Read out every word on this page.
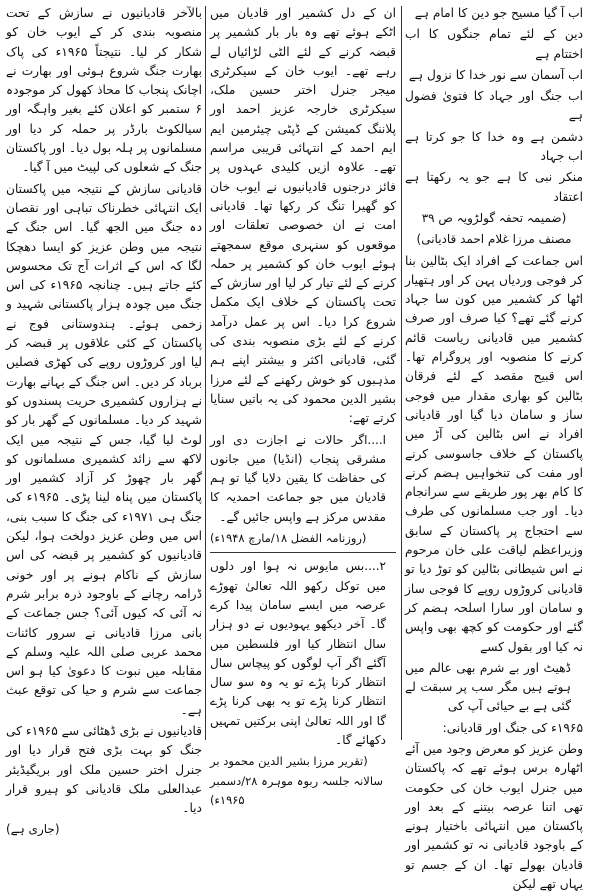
اب آ گیا مسیح جو دین کا امام ہے

دین کے لئے تمام جنگوں کا اب اختتام ہے

اب آسمان سے نور خدا کا نزول ہے

اب جنگ اور جہاد کا فتویٰ فضول ہے

دشمن ہے وہ خدا کا جو کرتا ہے اب جہاد

منکر نبی کا ہے جو یہ رکھتا ہے اعتقاد

(ضمیمہ تحفہ گولڑویہ ص ۳۹

مصنف مرزا غلام احمد قادیانی)

اس جماعت کے افراد ایک بٹالین بنا کر فوجی وردیاں پہن کر اور ہتھیار اٹھا کر کشمیر میں کون سا جہاد کرنے گئے تھے؟ کیا صرف اور صرف کشمیر میں قادیانی ریاست قائم کرنے کا منصوبہ اور پروگرام تھا۔ اس قبیح مقصد کے لئے فرقان بٹالین کو بھاری مقدار میں فوجی ساز و سامان دیا گیا اور قادیانی افراد نے اس بٹالین کی آڑ میں پاکستان کے خلاف جاسوسی کرنے اور مفت کی تنخواہیں ہضم کرنے کا کام بھر پور طریقے سے سرانجام دیا۔ اور جب مسلمانوں کی طرف سے احتجاج پر پاکستان کے سابق وزیراعظم لیاقت علی خان مرحوم نے اس شیطانی بٹالین کو توڑ دیا تو قادیانی کروڑوں روپے کا فوجی ساز و سامان اور سارا اسلحہ ہضم کر گئے اور حکومت کو کچھ بھی واپس نہ کیا اور بقول کسے

ڈھیٹ اور بے شرم بھی عالم میں ہوتے ہیں مگر سب پر سبقت لے گئی ہے بے حیائی آپ کی

۱۹۶۵ء کی جنگ اور قادیانی:

وطن عزیز کو معرض وجود میں آئے اٹھارہ برس ہوئے تھے کہ پاکستان میں جنرل ایوب خان کی حکومت تھی اتنا عرصہ بیتنے کے بعد اور پاکستان میں انتہائی باختیار ہونے کے باوجود قادیانی نہ تو کشمیر اور قادیان بھولے تھا۔ ان کے جسم تو یہاں تھے لیکن

ان کے دل کشمیر اور قادیان میں اٹکے ہوئے تھے وہ بار بار کشمیر پر قبضہ کرنے کے لئے الٹی لڑائیاں لے رہے تھے۔ ایوب خان کے سیکرٹری میجر جنرل اختر حسین ملک، سیکرٹری خارجہ عزیز احمد اور پلاننگ کمیشن کے ڈپٹی چیئرمین ایم ایم احمد کے انتہائی قریبی مراسم تھے۔ علاوہ ازیں کلیدی عہدوں پر فائز درجنوں قادیانیوں نے ایوب خان کو گھیرا تنگ کر رکھا تھا۔ قادیانی امت نے ان خصوصی تعلقات اور موقعوں کو سنہری موقع سمجھتے ہوئے ایوب خان کو کشمیر پر حملہ کرنے کے لئے تیار کر لیا اور سازش کے تحت پاکستان کے خلاف ایک مکمل شروع کرا دیا۔ اس پر عمل درآمد کرنے کے لئے بڑی منصوبہ بندی کی گئی، قادیانی اکثر و بیشتر اپنے ہم مذہبوں کو خوش رکھنے کے لئے مرزا بشیر الدین محمود کی یہ باتیں سنایا کرتے تھے:

ا....اگر حالات نے اجازت دی اور مشرقی پنجاب (انڈیا) میں جانوں کی حفاظت کا یقین دلایا گیا تو ہم قادیان میں جو جماعت احمدیہ کا مقدس مرکز ہے واپس جائیں گے۔

(روزنامہ الفضل ۱۸/مارچ ۱۹۴۸ء)

۲....بس مایوس نہ ہوا اور دلوں میں توکل رکھو اللہ تعالیٰ تھوڑے عرصہ میں ایسے سامان پیدا کرے گا۔ آخر دیکھو یہودیوں نے دو ہزار سال انتظار کیا اور فلسطین میں آگئے اگر آپ لوگوں کو پیچاس سال انتظار کرنا پڑے تو یہ وہ سو سال انتظار کرنا پڑے تو یہ بھی کرنا پڑے گا اور اللہ تعالیٰ اپنی برکتیں تمہیں دکھائے گا۔

(تقریر مرزا بشیر الدین محمود بر سالانہ جلسہ ربوہ موہرہ ۲۸/دسمبر ۱۹۶۵ء)

بالآخر قادیانیوں نے سازش کے تحت منصوبہ بندی کر کے ایوب خان کو شکار کر لیا۔ نتیجتاً ۱۹۶۵ء کی پاک بھارت جنگ شروع ہوئی اور بھارت نے اچانک پنجاب کا محاذ کھول کر موجودہ ۶ ستمبر کو اعلان کئے بغیر واہگہ اور سیالکوٹ بارڈر پر حملہ کر دیا اور مسلمانوں پر ہلہ بول دیا۔ اور پاکستان جنگ کے شعلوں کی لپیٹ میں آ گیا۔

قادیانی سازش کے نتیجہ میں پاکستان ایک انتہائی خطرناک تباہی اور نقصان دہ جنگ میں الجھ گیا۔ اس جنگ کے نتیجہ میں وطن عزیز کو ایسا دھچکا لگا کہ اس کے اثرات آج تک محسوس کئے جاتے ہیں۔ چنانچہ ۱۹۶۵ء کی اس جنگ میں چودہ ہزار پاکستانی شہید و زخمی ہوئے۔ ہندوستانی فوج نے پاکستان کے کئی علاقوں پر قبضہ کر لیا اور کروڑوں روپے کی کھڑی فصلیں برباد کر دیں۔ اس جنگ کے بہانے بھارت نے ہزاروں کشمیری حریت پسندوں کو شہید کر دیا۔ مسلمانوں کے گھر بار کو لوٹ لیا گیا، جس کے نتیجہ میں ایک لاکھ سے زائد کشمیری مسلمانوں کو گھر بار چھوڑ کر آزاد کشمیر اور پاکستان میں پناہ لینا پڑی۔ ۱۹۶۵ء کی جنگ ہی ۱۹۷۱ء کی جنگ کا سبب بنی، اس میں وطن عزیز دولخت ہوا، لیکن قادیانیوں کو کشمیر پر قبضہ کی اس سازش کے ناکام ہونے پر اور خونی ڈرامہ رچانے کے باوجود ذرہ برابر شرم نہ آئی کہ کیوں آئی؟ جس جماعت کے بانی مرزا قادیانی نے سرور کائنات محمد عربی صلی اللہ علیہ وسلم کے مقابلہ میں نبوت کا دعویٰ کیا ہو اس جماعت سے شرم و حیا کی توقع عبث ہے۔

قادیانیوں نے بڑی ڈھٹائی سے ۱۹۶۵ء کی جنگ کو بہت بڑی فتح قرار دیا اور جنرل اختر حسین ملک اور بریگیڈیئر عبدالعلی ملک قادیانی کو ہیرو قرار دیا۔

(جاری ہے)
